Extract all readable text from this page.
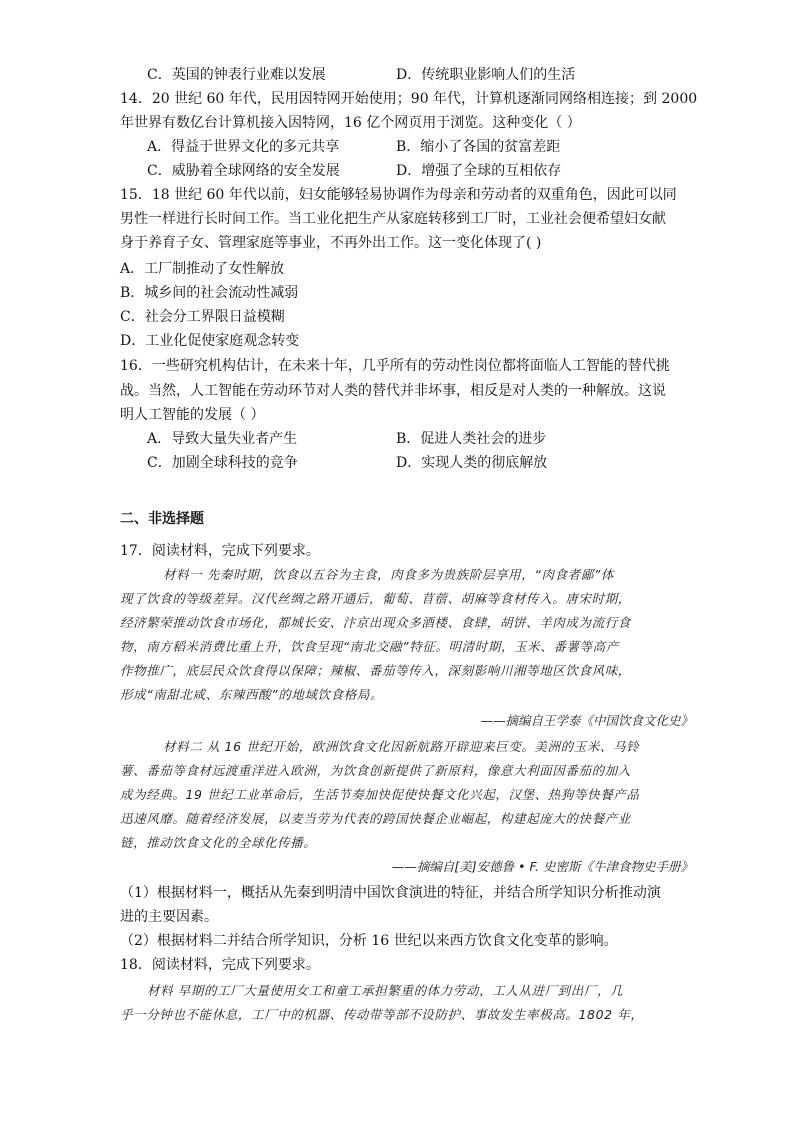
C．英国的钟表行业难以发展	D．传统职业影响人们的生活
14．20 世纪 60 年代，民用因特网开始使用；90 年代，计算机逐渐同网络相连接；到 2000
年世界有数亿台计算机接入因特网，16 亿个网页用于浏览。这种变化（ ）
A．得益于世界文化的多元共享	B．缩小了各国的贫富差距
C．威胁着全球网络的安全发展	D．增强了全球的互相依存
15．18 世纪 60 年代以前，妇女能够轻易协调作为母亲和劳动者的双重角色，因此可以同
男性一样进行长时间工作。当工业化把生产从家庭转移到工厂时，工业社会便希望妇女献
身于养育子女、管理家庭等事业，不再外出工作。这一变化体现了( )
A．工厂制推动了女性解放
B．城乡间的社会流动性减弱
C．社会分工界限日益模糊
D．工业化促使家庭观念转变
16．一些研究机构估计，在未来十年，几乎所有的劳动性岗位都将面临人工智能的替代挑
战。当然，人工智能在劳动环节对人类的替代并非坏事，相反是对人类的一种解放。这说
明人工智能的发展（ ）
A．导致大量失业者产生	B．促进人类社会的进步
C．加剧全球科技的竞争	D．实现人类的彻底解放
二、非选择题
17．阅读材料，完成下列要求。
材料一 先秦时期，饮食以五谷为主食，肉食多为贵族阶层享用，“肉食者鄙”体
现了饮食的等级差异。汉代丝绸之路开通后，葡萄、苜蓿、胡麻等食材传入。唐宋时期，
经济繁荣推动饮食市场化，都城长安、汴京出现众多酒楼、食肆，胡饼、羊肉成为流行食
物，南方稻米消费比重上升，饮食呈现“南北交融”特征。明清时期，玉米、番薯等高产
作物推广，底层民众饮食得以保障；辣椒、番茄等传入，深刻影响川湘等地区饮食风味，
形成“南甜北咸、东辣西酸”的地域饮食格局。
——摘编自王学泰《中国饮食文化史》
材料二 从 16 世纪开始，欧洲饮食文化因新航路开辟迎来巨变。美洲的玉米、马铃
薯、番茄等食材远渡重洋进入欧洲，为饮食创新提供了新原料，像意大利面因番茄的加入
成为经典。19 世纪工业革命后，生活节奏加快促使快餐文化兴起，汉堡、热狗等快餐产品
迅速风靡。随着经济发展，以麦当劳为代表的跨国快餐企业崛起，构建起庞大的快餐产业
链，推动饮食文化的全球化传播。
——摘编自[美]安德鲁 • F. 史密斯《牛津食物史手册》
（1）根据材料一，概括从先秦到明清中国饮食演进的特征，并结合所学知识分析推动演
进的主要因素。
（2）根据材料二并结合所学知识，分析 16 世纪以来西方饮食文化变革的影响。
18．阅读材料，完成下列要求。
材料 早期的工厂大量使用女工和童工承担繁重的体力劳动，工人从进厂到出厂，几
乎一分钟也不能休息，工厂中的机器、传动带等部不设防护、事故发生率极高。1802 年，
